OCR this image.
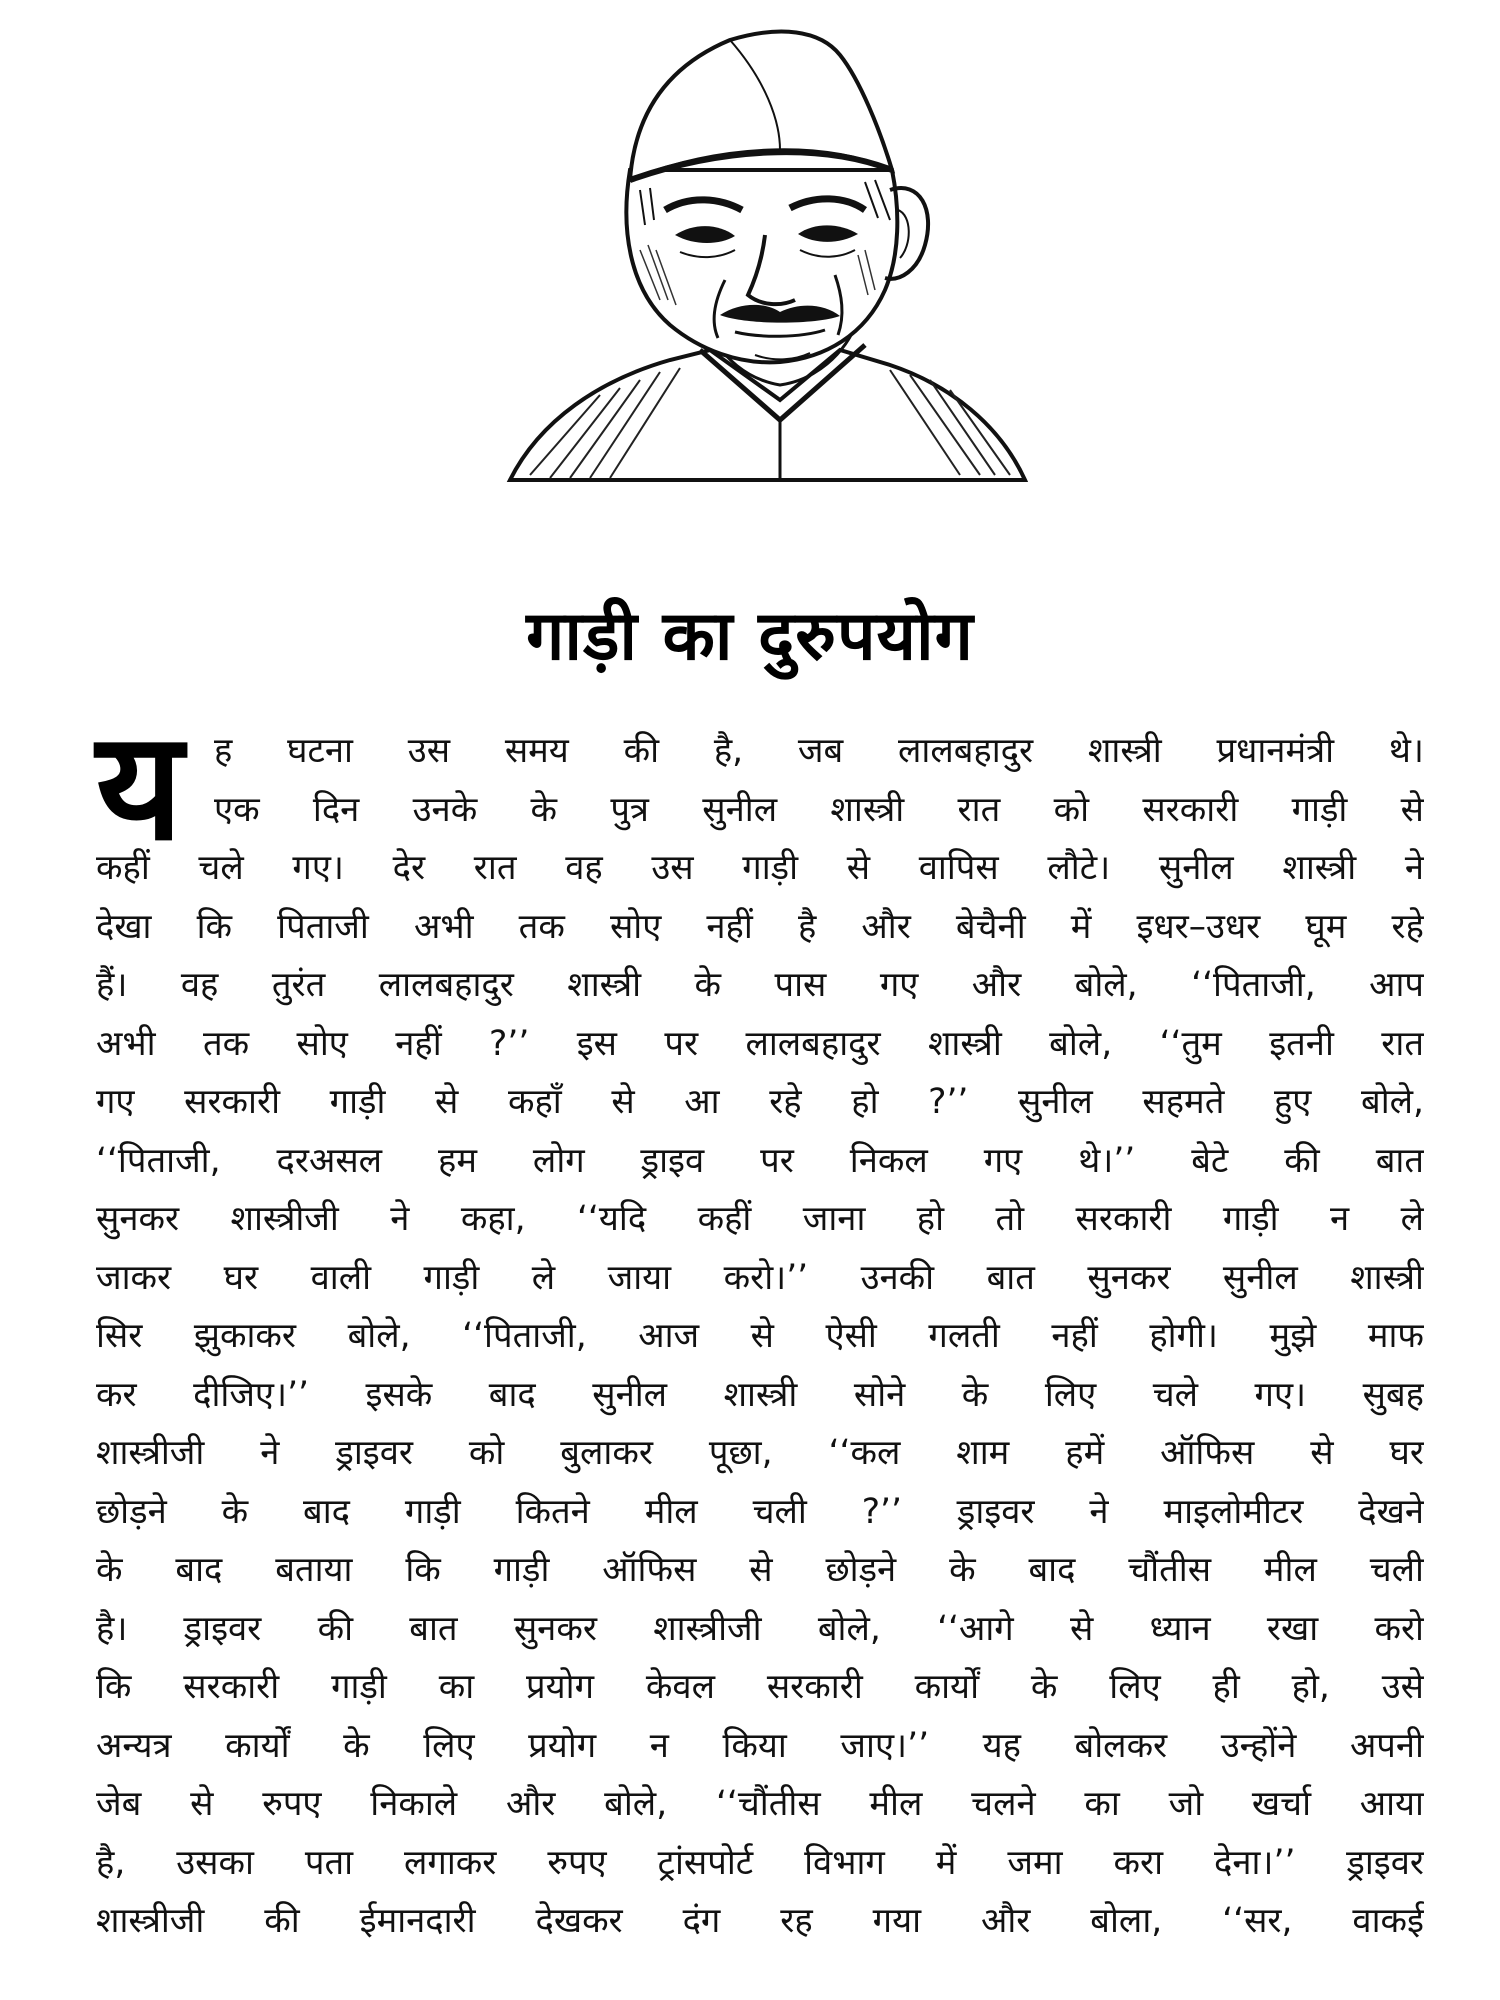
गाड़ी का दुरुपयोग
य ह घटना उस समय की है, जब लालबहादुर शास्त्री प्रधानमंत्री थे।
एक दिन उनके के पुत्र सुनील शास्त्री रात को सरकारी गाड़ी से
कहीं चले गए। देर रात वह उस गाड़ी से वापिस लौटे। सुनील शास्त्री ने
देखा कि पिताजी अभी तक सोए नहीं है और बेचैनी में इधर–उधर घूम रहे
हैं। वह तुरंत लालबहादुर शास्त्री के पास गए और बोले, ‘‘पिताजी, आप
अभी तक सोए नहीं ?’’ इस पर लालबहादुर शास्त्री बोले, ‘‘तुम इतनी रात
गए सरकारी गाड़ी से कहाँ से आ रहे हो ?’’ सुनील सहमते हुए बोले,
‘‘पिताजी, दरअसल हम लोग ड्राइव पर निकल गए थे।’’ बेटे की बात
सुनकर शास्त्रीजी ने कहा, ‘‘यदि कहीं जाना हो तो सरकारी गाड़ी न ले
जाकर घर वाली गाड़ी ले जाया करो।’’ उनकी बात सुनकर सुनील शास्त्री
सिर झुकाकर बोले, ‘‘पिताजी, आज से ऐसी गलती नहीं होगी। मुझे माफ
कर दीजिए।’’ इसके बाद सुनील शास्त्री सोने के लिए चले गए। सुबह
शास्त्रीजी ने ड्राइवर को बुलाकर पूछा, ‘‘कल शाम हमें ऑफिस से घर
छोड़ने के बाद गाड़ी कितने मील चली ?’’ ड्राइवर ने माइलोमीटर देखने
के बाद बताया कि गाड़ी ऑफिस से छोड़ने के बाद चौंतीस मील चली
है। ड्राइवर की बात सुनकर शास्त्रीजी बोले, ‘‘आगे से ध्यान रखा करो
कि सरकारी गाड़ी का प्रयोग केवल सरकारी कार्यों के लिए ही हो, उसे
अन्यत्र कार्यों के लिए प्रयोग न किया जाए।’’ यह बोलकर उन्होंने अपनी
जेब से रुपए निकाले और बोले, ‘‘चौंतीस मील चलने का जो खर्चा आया
है, उसका पता लगाकर रुपए ट्रांसपोर्ट विभाग में जमा करा देना।’’ ड्राइवर
शास्त्रीजी की ईमानदारी देखकर दंग रह गया और बोला, ‘‘सर, वाकई
